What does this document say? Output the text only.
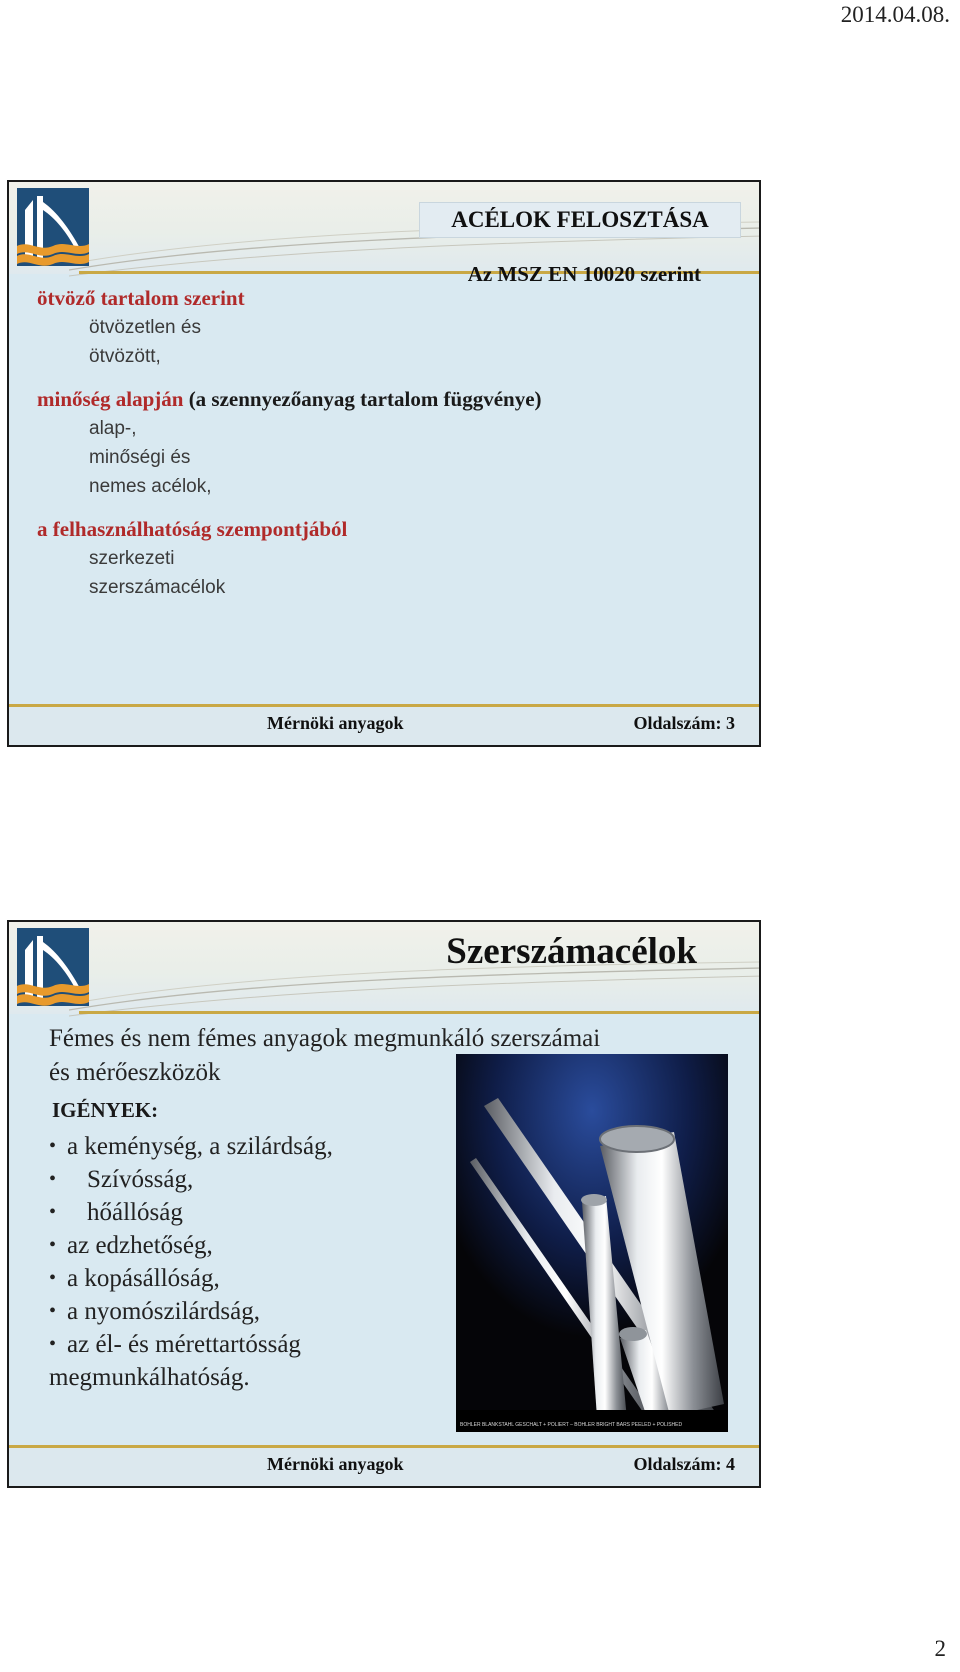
2014.04.08.
ACÉLOK FELOSZTÁSA
Az MSZ EN 10020 szerint
ötvöző tartalom szerint
ötvözetlen és
ötvözött,
minőség alapján (a szennyezőanyag tartalom függvénye)
alap-,
minőségi és
nemes acélok,
a felhasználhatóság szempontjából
szerkezeti
szerszámacélok
Mérnöki anyagok	Oldalszám: 3
Szerszámacélok
Fémes és nem fémes anyagok megmunkáló szerszámai
és mérőeszközök
IGÉNYEK:
• a keménység, a szilárdság,
• Szívósság,
• hőállóság
• az edzhetőség,
• a kopásállóság,
• a nyomószilárdság,
• az él- és mérettartósság
megmunkálhatóság.
BÖHLER BLANKSTAHL GESCHÄLT + POLIERT – BÖHLER BRIGHT BARS PEELED + POLISHED
Mérnöki anyagok	Oldalszám: 4
2
